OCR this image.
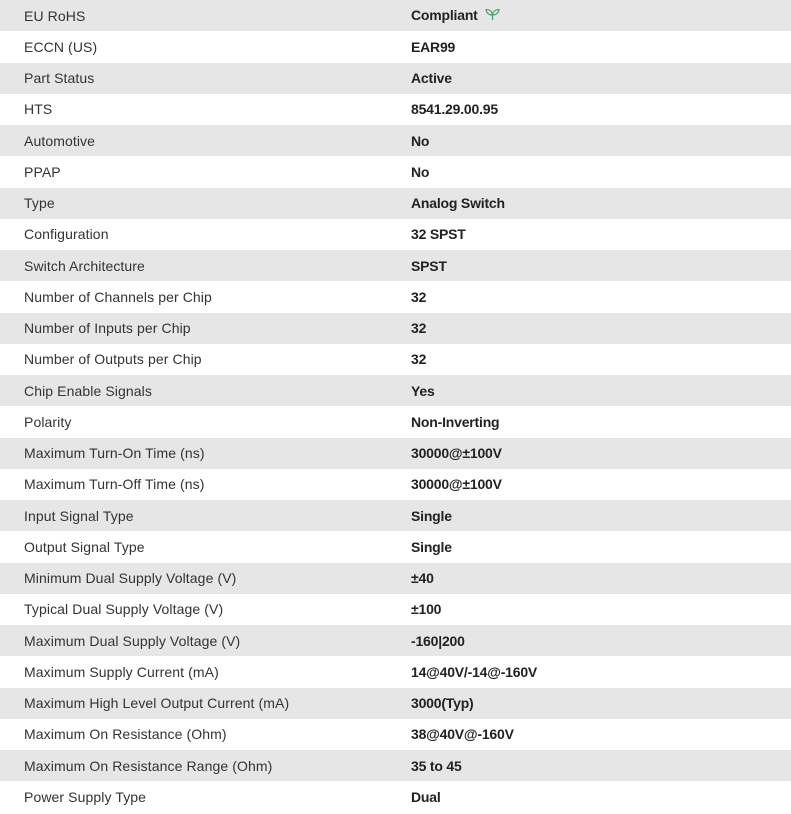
EU RoHS	Compliant
ECCN (US)	EAR99
Part Status	Active
HTS	8541.29.00.95
Automotive	No
PPAP	No
Type	Analog Switch
Configuration	32 SPST
Switch Architecture	SPST
Number of Channels per Chip	32
Number of Inputs per Chip	32
Number of Outputs per Chip	32
Chip Enable Signals	Yes
Polarity	Non-Inverting
Maximum Turn-On Time (ns)	30000@±100V
Maximum Turn-Off Time (ns)	30000@±100V
Input Signal Type	Single
Output Signal Type	Single
Minimum Dual Supply Voltage (V)	±40
Typical Dual Supply Voltage (V)	±100
Maximum Dual Supply Voltage (V)	-160|200
Maximum Supply Current (mA)	14@40V/-14@-160V
Maximum High Level Output Current (mA)	3000(Typ)
Maximum On Resistance (Ohm)	38@40V@-160V
Maximum On Resistance Range (Ohm)	35 to 45
Power Supply Type	Dual
